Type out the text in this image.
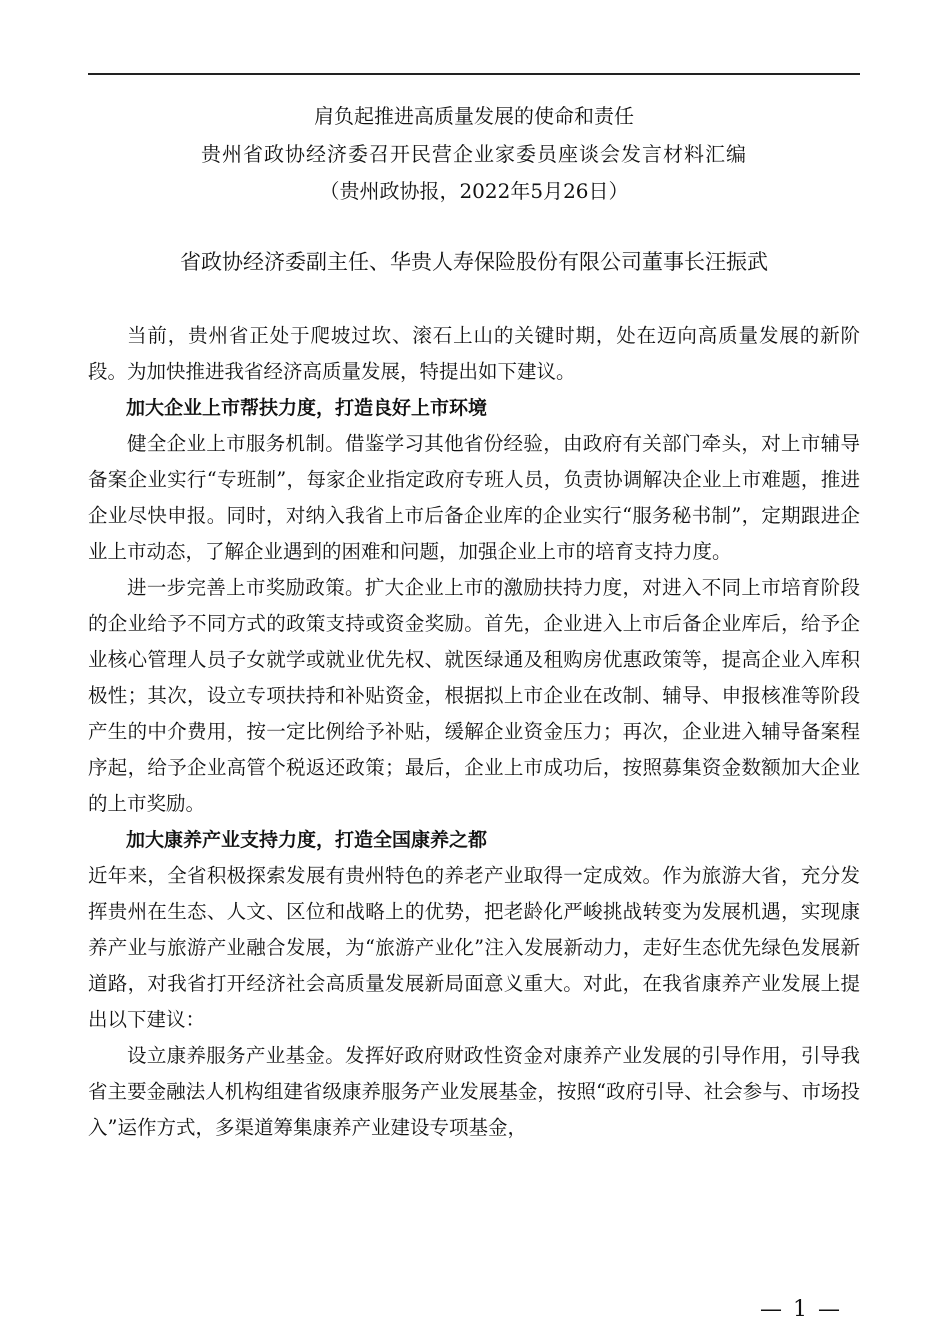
肩负起推进高质量发展的使命和责任
贵州省政协经济委召开民营企业家委员座谈会发言材料汇编
（贵州政协报，2022年5月26日）
省政协经济委副主任、华贵人寿保险股份有限公司董事长汪振武

当前，贵州省正处于爬坡过坎、滚石上山的关键时期，处在迈向高质量发展的新阶段。为加快推进我省经济高质量发展，特提出如下建议。

加大企业上市帮扶力度，打造良好上市环境

健全企业上市服务机制。借鉴学习其他省份经验，由政府有关部门牵头，对上市辅导备案企业实行“专班制”，每家企业指定政府专班人员，负责协调解决企业上市难题，推进企业尽快申报。同时，对纳入我省上市后备企业库的企业实行“服务秘书制”，定期跟进企业上市动态，了解企业遇到的困难和问题，加强企业上市的培育支持力度。

进一步完善上市奖励政策。扩大企业上市的激励扶持力度，对进入不同上市培育阶段的企业给予不同方式的政策支持或资金奖励。首先，企业进入上市后备企业库后，给予企业核心管理人员子女就学或就业优先权、就医绿通及租购房优惠政策等，提高企业入库积极性；其次，设立专项扶持和补贴资金，根据拟上市企业在改制、辅导、申报核准等阶段产生的中介费用，按一定比例给予补贴，缓解企业资金压力；再次，企业进入辅导备案程序起，给予企业高管个税返还政策；最后，企业上市成功后，按照募集资金数额加大企业的上市奖励。

加大康养产业支持力度，打造全国康养之都

近年来，全省积极探索发展有贵州特色的养老产业取得一定成效。作为旅游大省，充分发挥贵州在生态、人文、区位和战略上的优势，把老龄化严峻挑战转变为发展机遇，实现康养产业与旅游产业融合发展，为“旅游产业化”注入发展新动力，走好生态优先绿色发展新道路，对我省打开经济社会高质量发展新局面意义重大。对此，在我省康养产业发展上提出以下建议：

设立康养服务产业基金。发挥好政府财政性资金对康养产业发展的引导作用，引导我省主要金融法人机构组建省级康养服务产业发展基金，按照“政府引导、社会参与、市场投入”运作方式，多渠道筹集康养产业建设专项基金，

— 1 —
